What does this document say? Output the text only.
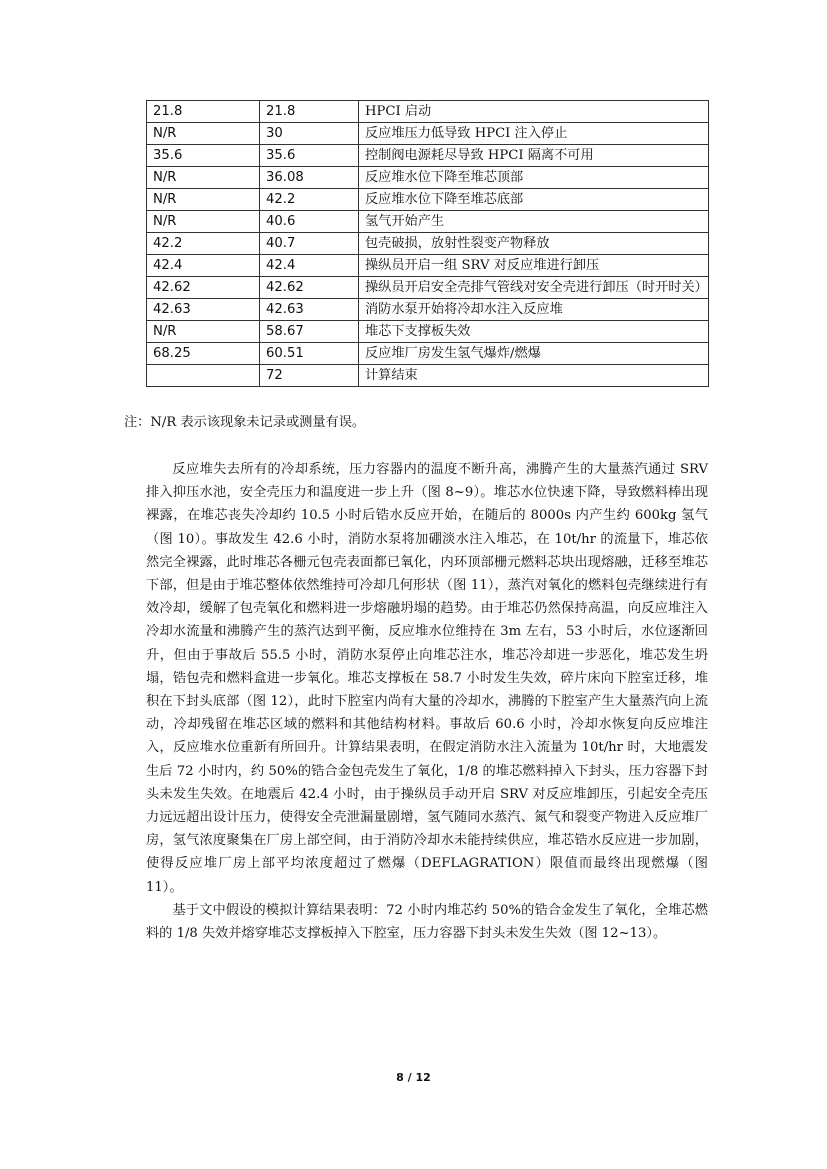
21.8	21.8	HPCI 启动
N/R	30	反应堆压力低导致 HPCI 注入停止
35.6	35.6	控制阀电源耗尽导致 HPCI 隔离不可用
N/R	36.08	反应堆水位下降至堆芯顶部
N/R	42.2	反应堆水位下降至堆芯底部
N/R	40.6	氢气开始产生
42.2	40.7	包壳破损，放射性裂变产物释放
42.4	42.4	操纵员开启一组 SRV 对反应堆进行卸压
42.62	42.62	操纵员开启安全壳排气管线对安全壳进行卸压（时开时关）
42.63	42.63	消防水泵开始将冷却水注入反应堆
N/R	58.67	堆芯下支撑板失效
68.25	60.51	反应堆厂房发生氢气爆炸/燃爆
	72	计算结束
注：N/R 表示该现象未记录或测量有误。

反应堆失去所有的冷却系统，压力容器内的温度不断升高，沸腾产生的大量蒸汽通过 SRV 排入抑压水池，安全壳压力和温度进一步上升（图 8~9）。堆芯水位快速下降，导致燃料棒出现裸露，在堆芯丧失冷却约 10.5 小时后锆水反应开始，在随后的 8000s 内产生约 600kg 氢气（图 10）。事故发生 42.6 小时，消防水泵将加硼淡水注入堆芯，在 10t/hr 的流量下，堆芯依然完全裸露，此时堆芯各栅元包壳表面都已氧化，内环顶部栅元燃料芯块出现熔融，迁移至堆芯下部，但是由于堆芯整体依然维持可冷却几何形状（图 11），蒸汽对氧化的燃料包壳继续进行有效冷却，缓解了包壳氧化和燃料进一步熔融坍塌的趋势。由于堆芯仍然保持高温，向反应堆注入冷却水流量和沸腾产生的蒸汽达到平衡，反应堆水位维持在 3m 左右，53 小时后，水位逐渐回升，但由于事故后 55.5 小时，消防水泵停止向堆芯注水，堆芯冷却进一步恶化，堆芯发生坍塌，锆包壳和燃料盒进一步氧化。堆芯支撑板在 58.7 小时发生失效，碎片床向下腔室迁移，堆积在下封头底部（图 12），此时下腔室内尚有大量的冷却水，沸腾的下腔室产生大量蒸汽向上流动，冷却残留在堆芯区域的燃料和其他结构材料。事故后 60.6 小时，冷却水恢复向反应堆注入，反应堆水位重新有所回升。计算结果表明，在假定消防水注入流量为 10t/hr 时，大地震发生后 72 小时内，约 50%的锆合金包壳发生了氧化，1/8 的堆芯燃料掉入下封头，压力容器下封头未发生失效。在地震后 42.4 小时，由于操纵员手动开启 SRV 对反应堆卸压，引起安全壳压力远远超出设计压力，使得安全壳泄漏量剧增，氢气随同水蒸汽、氮气和裂变产物进入反应堆厂房，氢气浓度聚集在厂房上部空间，由于消防冷却水未能持续供应，堆芯锆水反应进一步加剧，使得反应堆厂房上部平均浓度超过了燃爆（DEFLAGRATION）限值而最终出现燃爆（图 11）。

基于文中假设的模拟计算结果表明：72 小时内堆芯约 50%的锆合金发生了氧化，全堆芯燃料的 1/8 失效并熔穿堆芯支撑板掉入下腔室，压力容器下封头未发生失效（图 12~13）。

8 / 12
